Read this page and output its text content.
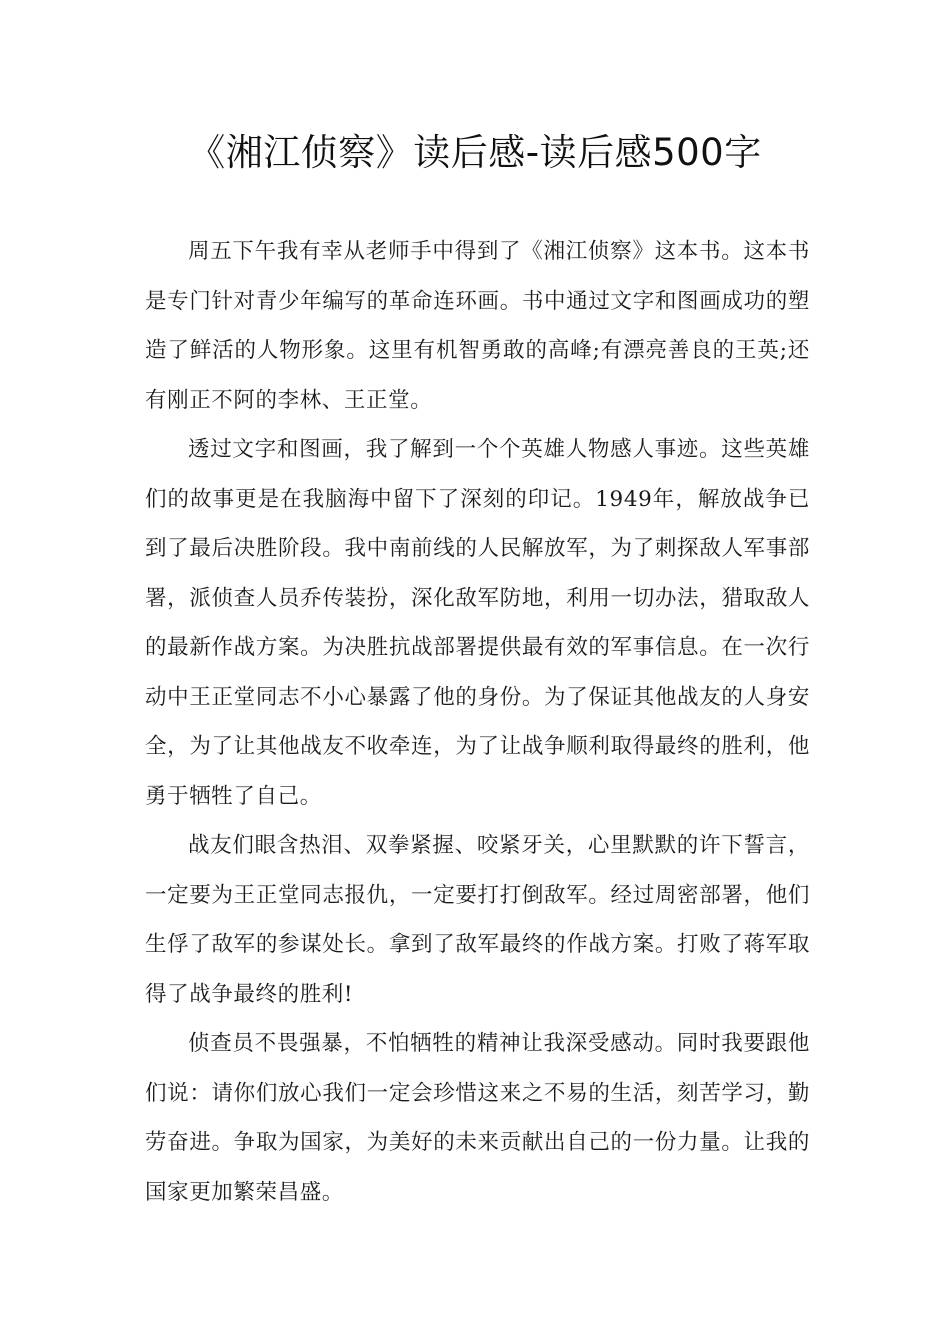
《湘江侦察》读后感-读后感500字

周五下午我有幸从老师手中得到了《湘江侦察》这本书。这本书是专门针对青少年编写的革命连环画。书中通过文字和图画成功的塑造了鲜活的人物形象。这里有机智勇敢的高峰;有漂亮善良的王英;还有刚正不阿的李林、王正堂。

透过文字和图画，我了解到一个个英雄人物感人事迹。这些英雄们的故事更是在我脑海中留下了深刻的印记。1949年，解放战争已到了最后决胜阶段。我中南前线的人民解放军，为了刺探敌人军事部署，派侦查人员乔传装扮，深化敌军防地，利用一切办法，猎取敌人的最新作战方案。为决胜抗战部署提供最有效的军事信息。在一次行动中王正堂同志不小心暴露了他的身份。为了保证其他战友的人身安全，为了让其他战友不收牵连，为了让战争顺利取得最终的胜利，他勇于牺牲了自己。

战友们眼含热泪、双拳紧握、咬紧牙关，心里默默的许下誓言，一定要为王正堂同志报仇，一定要打打倒敌军。经过周密部署，他们生俘了敌军的参谋处长。拿到了敌军最终的作战方案。打败了蒋军取得了战争最终的胜利!

侦查员不畏强暴，不怕牺牲的精神让我深受感动。同时我要跟他们说：请你们放心我们一定会珍惜这来之不易的生活，刻苦学习，勤劳奋进。争取为国家，为美好的未来贡献出自己的一份力量。让我的国家更加繁荣昌盛。
